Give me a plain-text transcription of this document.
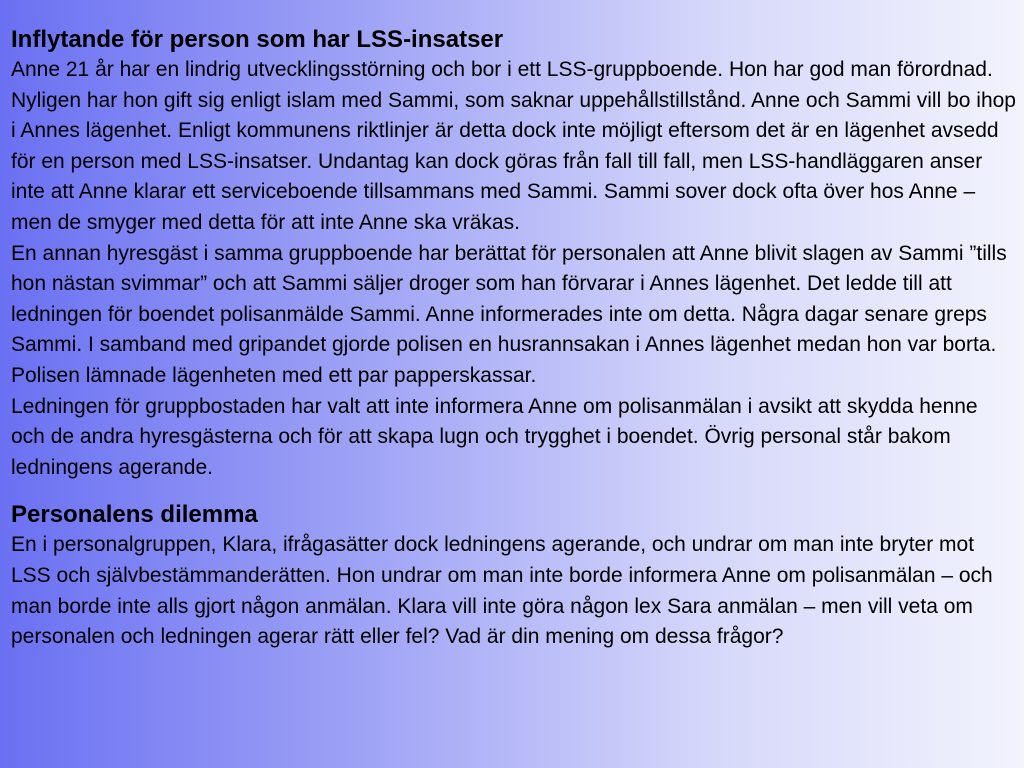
Inflytande för person som har LSS-insatser

Anne 21 år har en lindrig utvecklingsstörning och bor i ett LSS-gruppboende. Hon har god man förordnad. Nyligen har hon gift sig enligt islam med Sammi, som saknar uppehållstillstånd. Anne och Sammi vill bo ihop i Annes lägenhet. Enligt kommunens riktlinjer är detta dock inte möjligt eftersom det är en lägenhet avsedd för en person med LSS-insatser. Undantag kan dock göras från fall till fall, men LSS-handläggaren anser inte att Anne klarar ett serviceboende tillsammans med Sammi. Sammi sover dock ofta över hos Anne – men de smyger med detta för att inte Anne ska vräkas.

En annan hyresgäst i samma gruppboende har berättat för personalen att Anne blivit slagen av Sammi ”tills hon nästan svimmar” och att Sammi säljer droger som han förvarar i Annes lägenhet. Det ledde till att ledningen för boendet polisanmälde Sammi. Anne informerades inte om detta. Några dagar senare greps Sammi. I samband med gripandet gjorde polisen en husrannsakan i Annes lägenhet medan hon var borta. Polisen lämnade lägenheten med ett par papperskassar.

Ledningen för gruppbostaden har valt att inte informera Anne om polisanmälan i avsikt att skydda henne och de andra hyresgästerna och för att skapa lugn och trygghet i boendet. Övrig personal står bakom ledningens agerande.

Personalens dilemma

En i personalgruppen, Klara, ifrågasätter dock ledningens agerande, och undrar om man inte bryter mot LSS och självbestämmanderätten. Hon undrar om man inte borde informera Anne om polisanmälan – och man borde inte alls gjort någon anmälan. Klara vill inte göra någon lex Sara anmälan – men vill veta om personalen och ledningen agerar rätt eller fel? Vad är din mening om dessa frågor?
